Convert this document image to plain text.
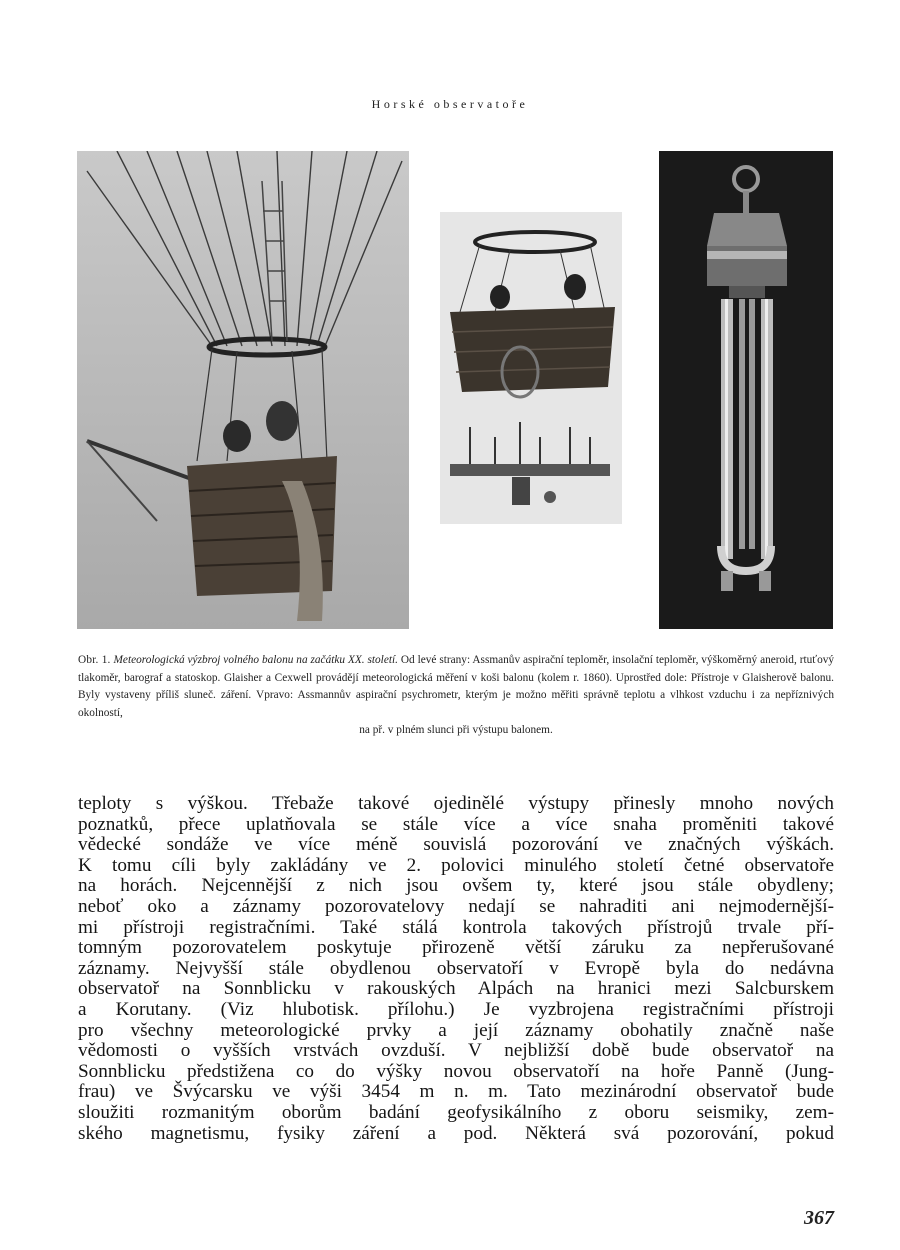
Horské observatoře
Obr. 1. Meteorologická výzbroj volného balonu na začátku XX. století. Od levé strany: Assmanův aspirační teploměr, insolační teploměr, výškoměrný aneroid, rtuťový tlakoměr, barograf a statoskop. Glaisher a Cexwell provádějí meteorologická měření v koši balonu (kolem r. 1860). Uprostřed dole: Přístroje v Glaisherově balonu. Byly vystaveny příliš sluneč. záření. Vpravo: Assmannův aspirační psychrometr, kterým je možno měřiti správně teplotu a vlhkost vzduchu i za nepříznivých okolností,
na př. v plném slunci při výstupu balonem.
teploty s výškou. Třebaže takové ojedinělé výstupy přinesly mnoho nových
poznatků, přece uplatňovala se stále více a více snaha proměniti takové
vědecké sondáže ve více méně souvislá pozorování ve značných výškách.
K tomu cíli byly zakládány ve 2. polovici minulého století četné observatoře
na horách. Nejcennější z nich jsou ovšem ty, které jsou stále obydleny;
neboť oko a záznamy pozorovatelovy nedají se nahraditi ani nejmodernější-
mi přístroji registračními. Také stálá kontrola takových přístrojů trvale pří-
tomným pozorovatelem poskytuje přirozeně větší záruku za nepřerušované
záznamy. Nejvyšší stále obydlenou observatoří v Evropě byla do nedávna
observatoř na Sonnblicku v rakouských Alpách na hranici mezi Salcburskem
a Korutany. (Viz hlubotisk. přílohu.) Je vyzbrojena registračními přístroji
pro všechny meteorologické prvky a její záznamy obohatily značně naše
vědomosti o vyšších vrstvách ovzduší. V nejbližší době bude observatoř na
Sonnblicku předstižena co do výšky novou observatoří na hoře Panně (Jung-
frau) ve Švýcarsku ve výši 3454 m n. m. Tato mezinárodní observatoř bude
sloužiti rozmanitým oborům badání geofysikálního z oboru seismiky, zem-
ského magnetismu, fysiky záření a pod. Některá svá pozorování, pokud
367
